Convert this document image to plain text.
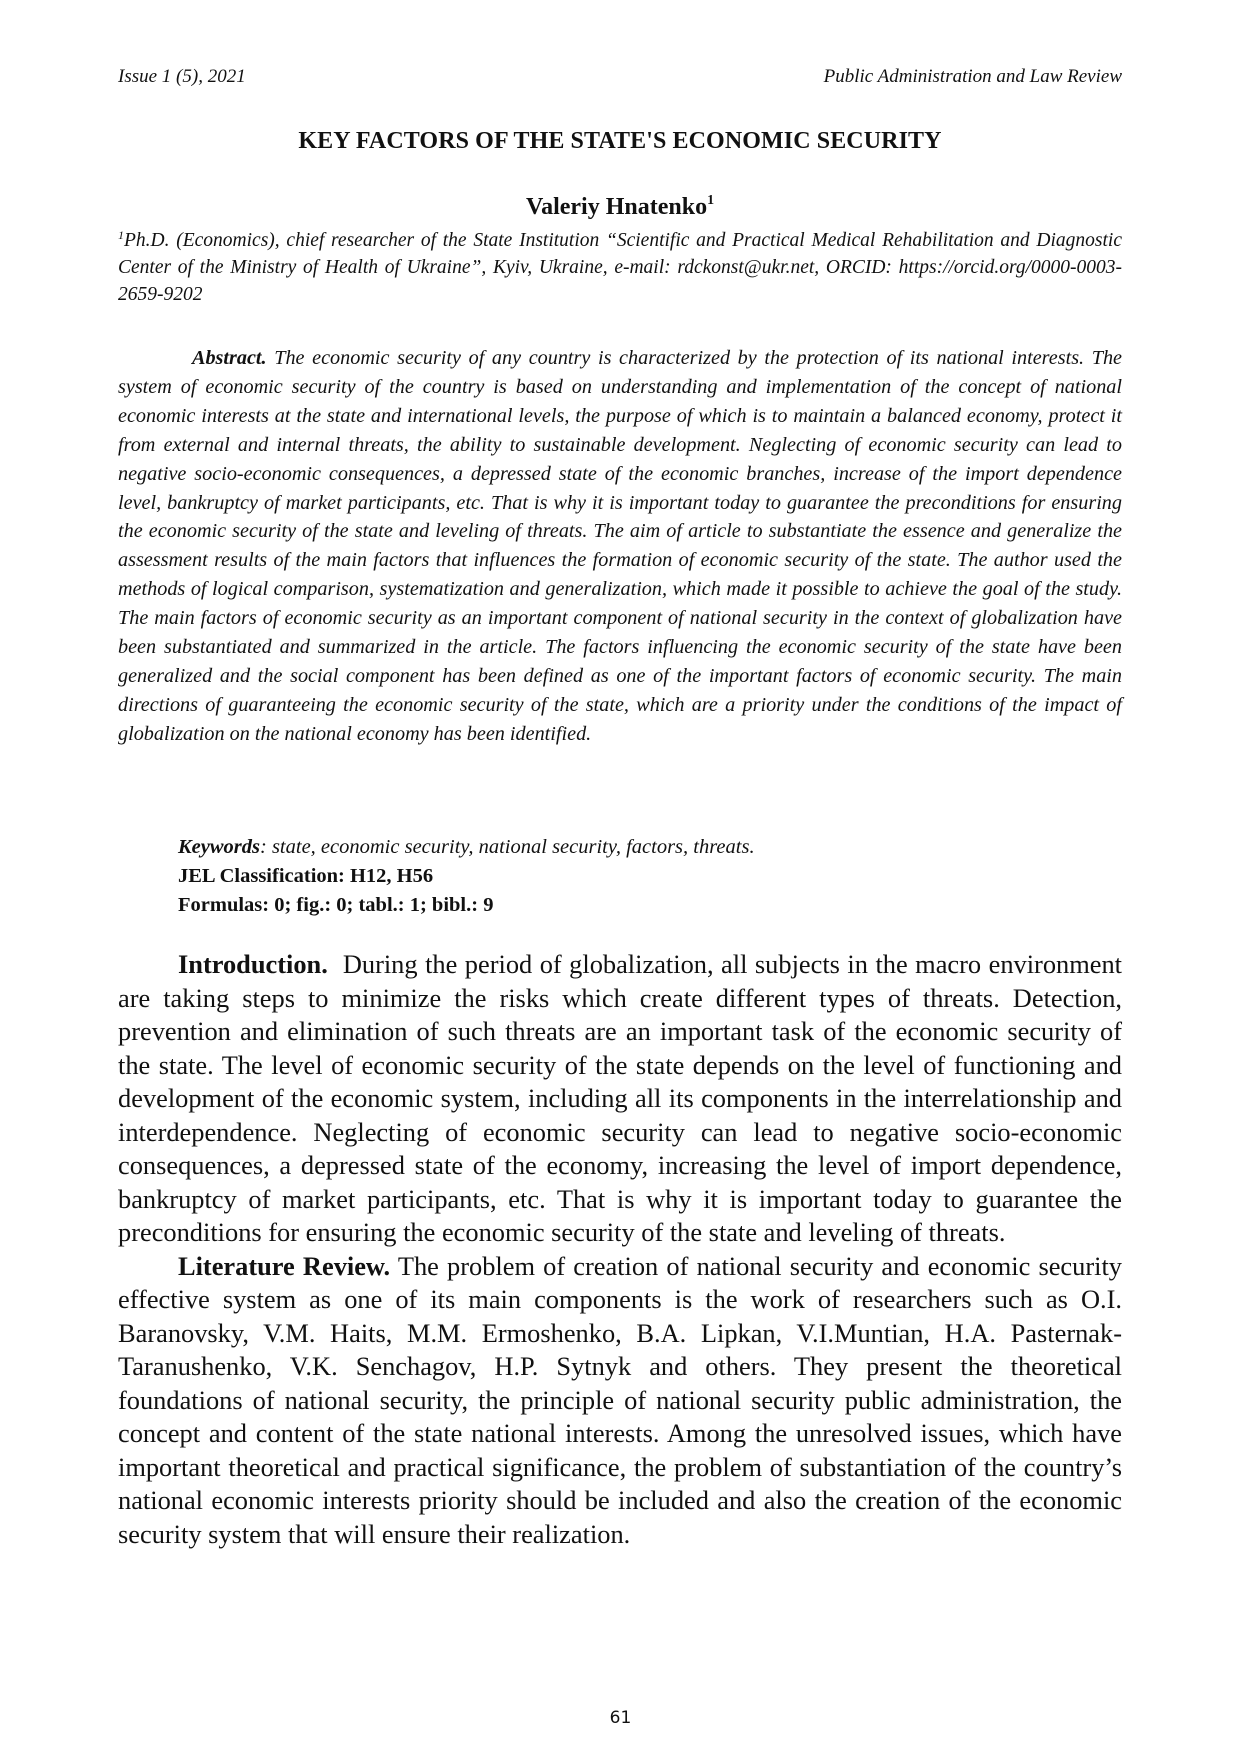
Issue 1 (5), 2021	Public Administration and Law Review
KEY FACTORS OF THE STATE'S ECONOMIC SECURITY
Valeriy Hnatenko$^1$
$^1$Ph.D. (Economics), chief researcher of the State Institution “Scientific and Practical Medical Rehabilitation and Diagnostic Center of the Ministry of Health of Ukraine”, Kyiv, Ukraine, e-mail: rdckonst@ukr.net, ORCID: https://orcid.org/0000-0003-2659-9202
Abstract. The economic security of any country is characterized by the protection of its national interests. The system of economic security of the country is based on understanding and implementation of the concept of national economic interests at the state and international levels, the purpose of which is to maintain a balanced economy, protect it from external and internal threats, the ability to sustainable development. Neglecting of economic security can lead to negative socio-economic consequences, a depressed state of the economic branches, increase of the import dependence level, bankruptcy of market participants, etc. That is why it is important today to guarantee the preconditions for ensuring the economic security of the state and leveling of threats. The aim of article to substantiate the essence and generalize the assessment results of the main factors that influences the formation of economic security of the state. The author used the methods of logical comparison, systematization and generalization, which made it possible to achieve the goal of the study. The main factors of economic security as an important component of national security in the context of globalization have been substantiated and summarized in the article. The factors influencing the economic security of the state have been generalized and the social component has been defined as one of the important factors of economic security. The main directions of guaranteeing the economic security of the state, which are a priority under the conditions of the impact of globalization on the national economy has been identified.
Keywords: state, economic security, national security, factors, threats.
JEL Classification: H12, H56
Formulas: 0; fig.: 0; tabl.: 1; bibl.: 9

Introduction. During the period of globalization, all subjects in the macro environment are taking steps to minimize the risks which create different types of threats. Detection, prevention and elimination of such threats are an important task of the economic security of the state. The level of economic security of the state depends on the level of functioning and development of the economic system, including all its components in the interrelationship and interdependence. Neglecting of economic security can lead to negative socio-economic consequences, a depressed state of the economy, increasing the level of import dependence, bankruptcy of market participants, etc. That is why it is important today to guarantee the preconditions for ensuring the economic security of the state and leveling of threats.

Literature Review. The problem of creation of national security and economic security effective system as one of its main components is the work of researchers such as O.I. Baranovsky, V.M. Haits, M.M. Ermoshenko, B.A. Lipkan, V.I.Muntian, H.A. Pasternak-Taranushenko, V.K. Senchagov, H.P. Sytnyk and others. They present the theoretical foundations of national security, the principle of national security public administration, the concept and content of the state national interests. Among the unresolved issues, which have important theoretical and practical significance, the problem of substantiation of the country’s national economic interests priority should be included and also the creation of the economic security system that will ensure their realization.

61
